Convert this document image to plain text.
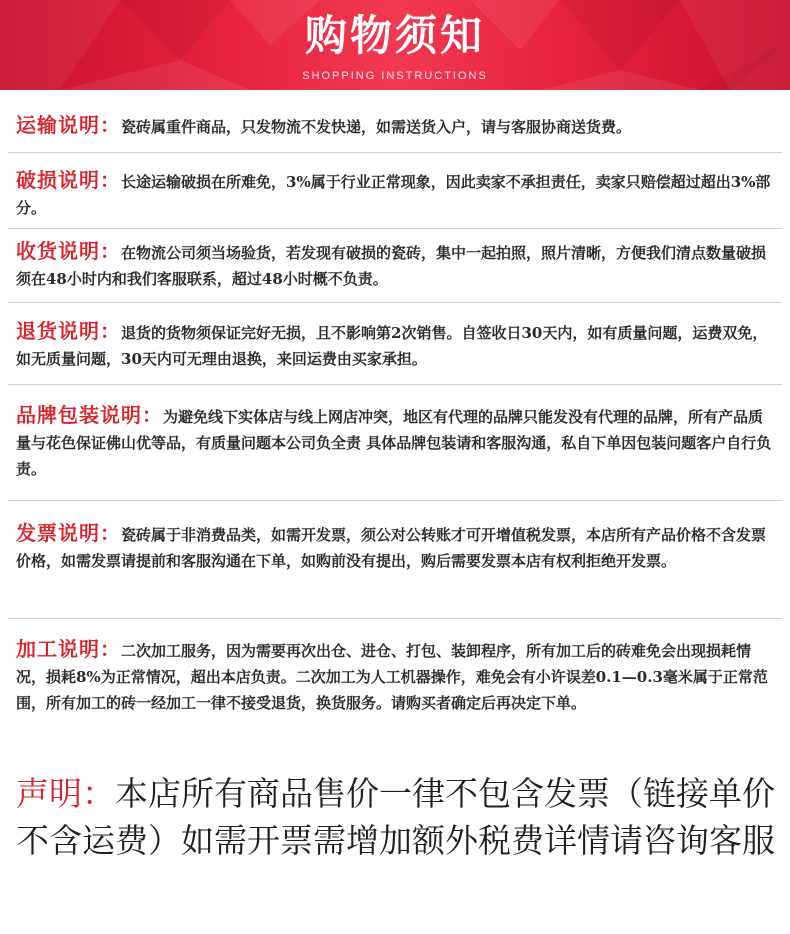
购物须知
SHOPPING INSTRUCTIONS

运输说明：瓷砖属重件商品，只发物流不发快递，如需送货入户，请与客服协商送货费。

破损说明：长途运输破损在所难免，3%属于行业正常现象，因此卖家不承担责任，卖家只赔偿超过超出3%部分。

收货说明：在物流公司须当场验货，若发现有破损的瓷砖，集中一起拍照，照片清晰，方便我们清点数量破损须在48小时内和我们客服联系，超过48小时概不负责。

退货说明：退货的货物须保证完好无损，且不影响第2次销售。自签收日30天内，如有质量问题，运费双免，如无质量问题，30天内可无理由退换，来回运费由买家承担。

品牌包装说明：为避免线下实体店与线上网店冲突，地区有代理的品牌只能发没有代理的品牌，所有产品质量与花色保证佛山优等品，有质量问题本公司负全责 具体品牌包装请和客服沟通，私自下单因包装问题客户自行负责。

发票说明：瓷砖属于非消费品类，如需开发票，须公对公转账才可开增值税发票，本店所有产品价格不含发票价格，如需发票请提前和客服沟通在下单，如购前没有提出，购后需要发票本店有权利拒绝开发票。

加工说明：二次加工服务，因为需要再次出仓、进仓、打包、装卸程序，所有加工后的砖难免会出现损耗情况，损耗8%为正常情况，超出本店负责。二次加工为人工机器操作，难免会有小许误差0.1—0.3毫米属于正常范围，所有加工的砖一经加工一律不接受退货，换货服务。请购买者确定后再决定下单。

声明：本店所有商品售价一律不包含发票（链接单价不含运费）如需开票需增加额外税费详情请咨询客服
